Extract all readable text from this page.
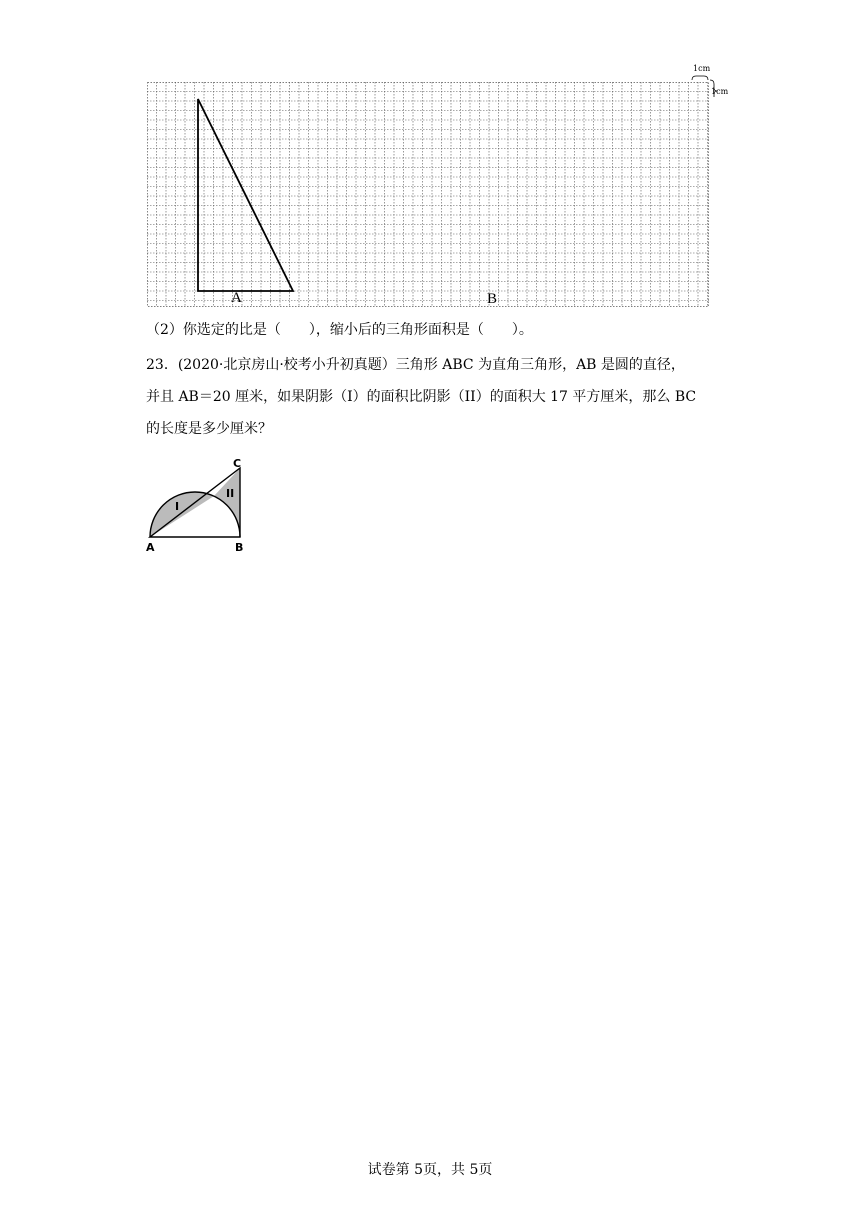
A	B
1cm
1cm
（2）你选定的比是（　　），缩小后的三角形面积是（　　）。
23．(2020·北京房山·校考小升初真题）三角形 ABC 为直角三角形，AB 是圆的直径，
并且 AB＝20 厘米，如果阴影（I）的面积比阴影（II）的面积大 17 平方厘米，那么 BC
的长度是多少厘米？
A	B
C
I
II
试卷第 5页，共 5页
